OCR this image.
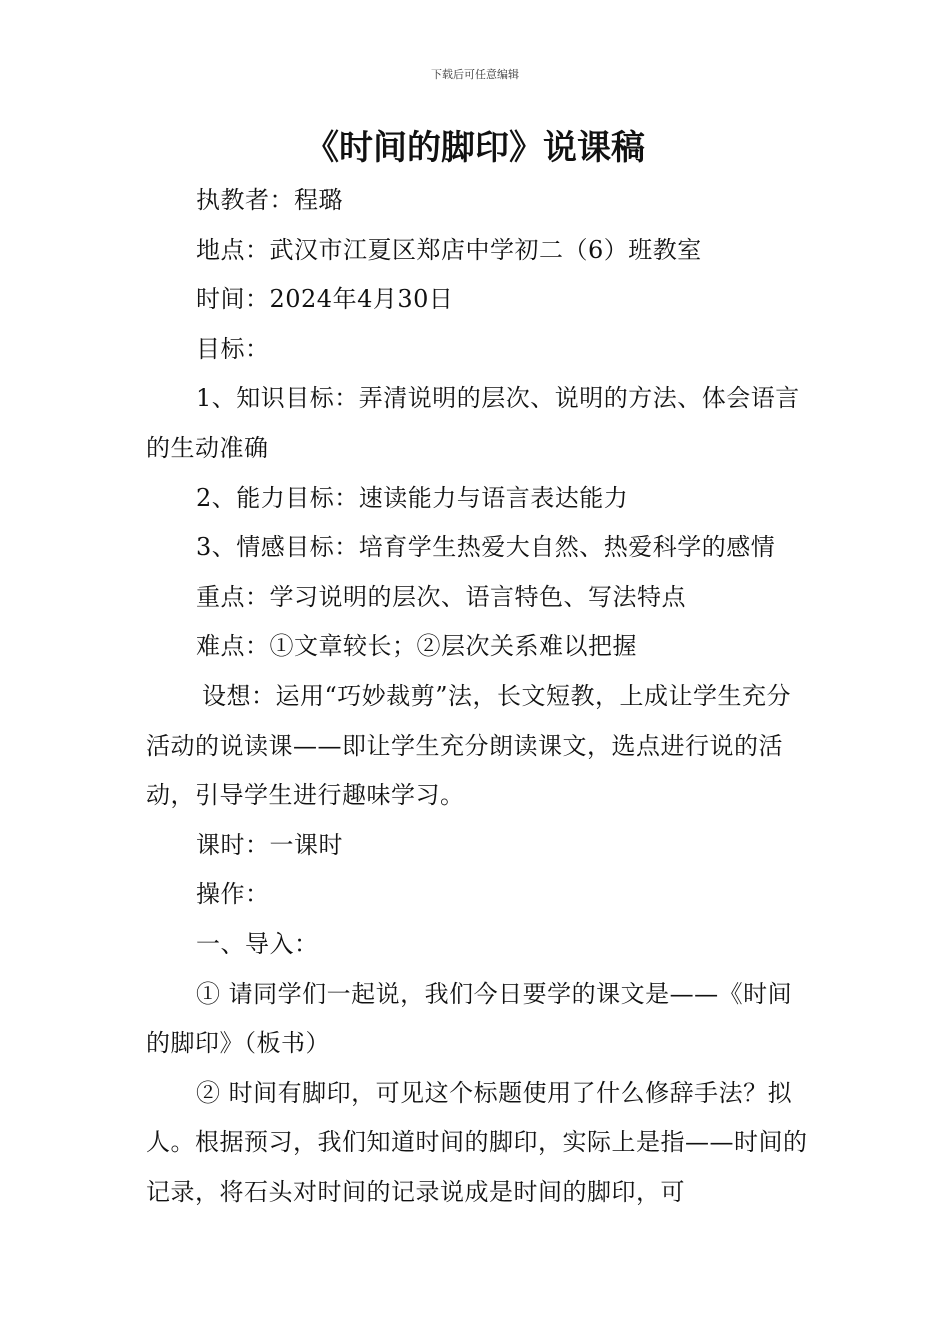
下载后可任意编辑
《时间的脚印》说课稿

执教者：程璐

地点：武汉市江夏区郑店中学初二（6）班教室

时间：2024年4月30日

目标：

1、知识目标：弄清说明的层次、说明的方法、体会语言的生动准确

2、能力目标：速读能力与语言表达能力

3、情感目标：培育学生热爱大自然、热爱科学的感情

重点：学习说明的层次、语言特色、写法特点

难点：①文章较长；②层次关系难以把握

设想：运用“巧妙裁剪”法，长文短教，上成让学生充分活动的说读课——即让学生充分朗读课文，选点进行说的活动，引导学生进行趣味学习。

课时：一课时

操作：

一、导入：

① 请同学们一起说，我们今日要学的课文是——《时间的脚印》（板书）

② 时间有脚印，可见这个标题使用了什么修辞手法？拟人。根据预习，我们知道时间的脚印，实际上是指——时间的记录，将石头对时间的记录说成是时间的脚印，可
